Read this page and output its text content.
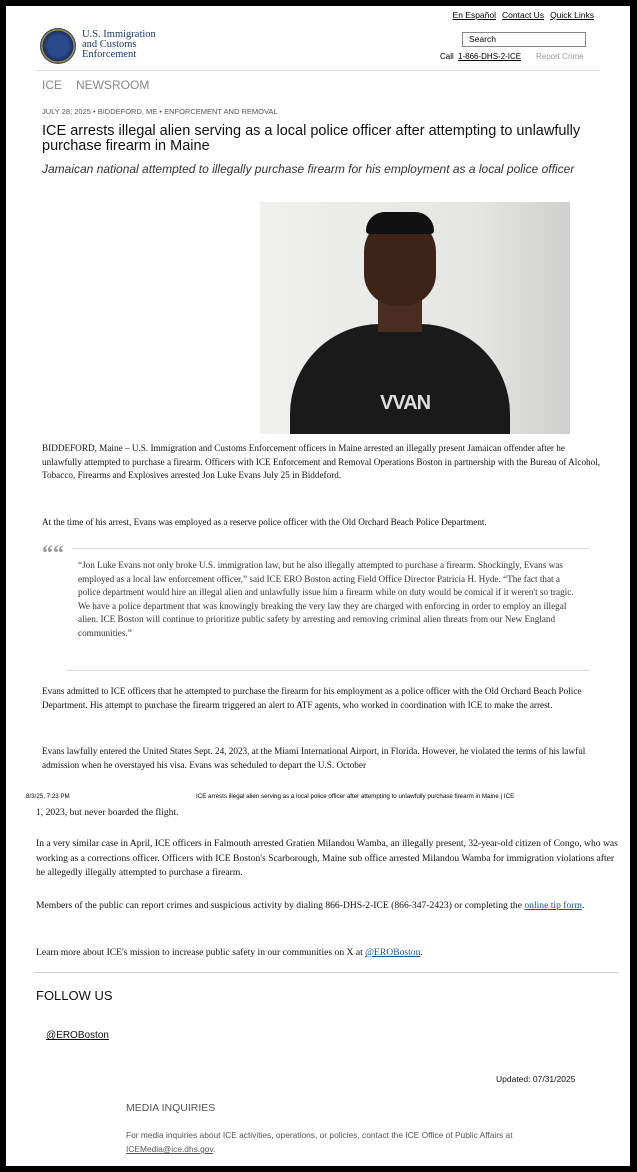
En Español Contact Us Quick Links
U.S. Immigration
and Customs
Enforcement
Search
Call 1-866-DHS-2-ICE Report Crime
ICE NEWSROOM
JULY 28, 2025 • BIDDEFORD, ME • ENFORCEMENT AND REMOVAL
ICE arrests illegal alien serving as a local police officer after attempting to unlawfully purchase firearm in Maine
Jamaican national attempted to illegally purchase firearm for his employment as a local police officer
VVAN
BIDDEFORD, Maine – U.S. Immigration and Customs Enforcement officers in Maine arrested an illegally present Jamaican offender after he unlawfully attempted to purchase a firearm. Officers with ICE Enforcement and Removal Operations Boston in partnership with the Bureau of Alcohol, Tobacco, Firearms and Explosives arrested Jon Luke Evans July 25 in Biddeford.
At the time of his arrest, Evans was employed as a reserve police officer with the Old Orchard Beach Police Department.
““ “Jon Luke Evans not only broke U.S. immigration law, but he also illegally attempted to purchase a firearm. Shockingly, Evans was employed as a local law enforcement officer,” said ICE ERO Boston acting Field Office Director Patricia H. Hyde. “The fact that a police department would hire an illegal alien and unlawfully issue him a firearm while on duty would be comical if it weren't so tragic. We have a police department that was knowingly breaking the very law they are charged with enforcing in order to employ an illegal alien. ICE Boston will continue to prioritize public safety by arresting and removing criminal alien threats from our New England communities.”
Evans admitted to ICE officers that he attempted to purchase the firearm for his employment as a police officer with the Old Orchard Beach Police Department. His attempt to purchase the firearm triggered an alert to ATF agents, who worked in coordination with ICE to make the arrest.
Evans lawfully entered the United States Sept. 24, 2023, at the Miami International Airport, in Florida. However, he violated the terms of his lawful admission when he overstayed his visa. Evans was scheduled to depart the U.S. October
8/3/25, 7:23 PM	ICE arrests illegal alien serving as a local police officer after attempting to unlawfully purchase firearm in Maine | ICE
1, 2023, but never boarded the flight.
In a very similar case in April, ICE officers in Falmouth arrested Gratien Milandou Wamba, an illegally present, 32-year-old citizen of Congo, who was working as a corrections officer. Officers with ICE Boston's Scarborough, Maine sub office arrested Milandou Wamba for immigration violations after he allegedly illegally attempted to purchase a firearm.
Members of the public can report crimes and suspicious activity by dialing 866-DHS-2-ICE (866-347-2423) or completing the online tip form.
Learn more about ICE's mission to increase public safety in our communities on X at @EROBoston.
FOLLOW US
@EROBoston
Updated: 07/31/2025
MEDIA INQUIRIES
For media inquiries about ICE activities, operations, or policies, contact the ICE Office of Public Affairs at ICEMedia@ice.dhs.gov.
